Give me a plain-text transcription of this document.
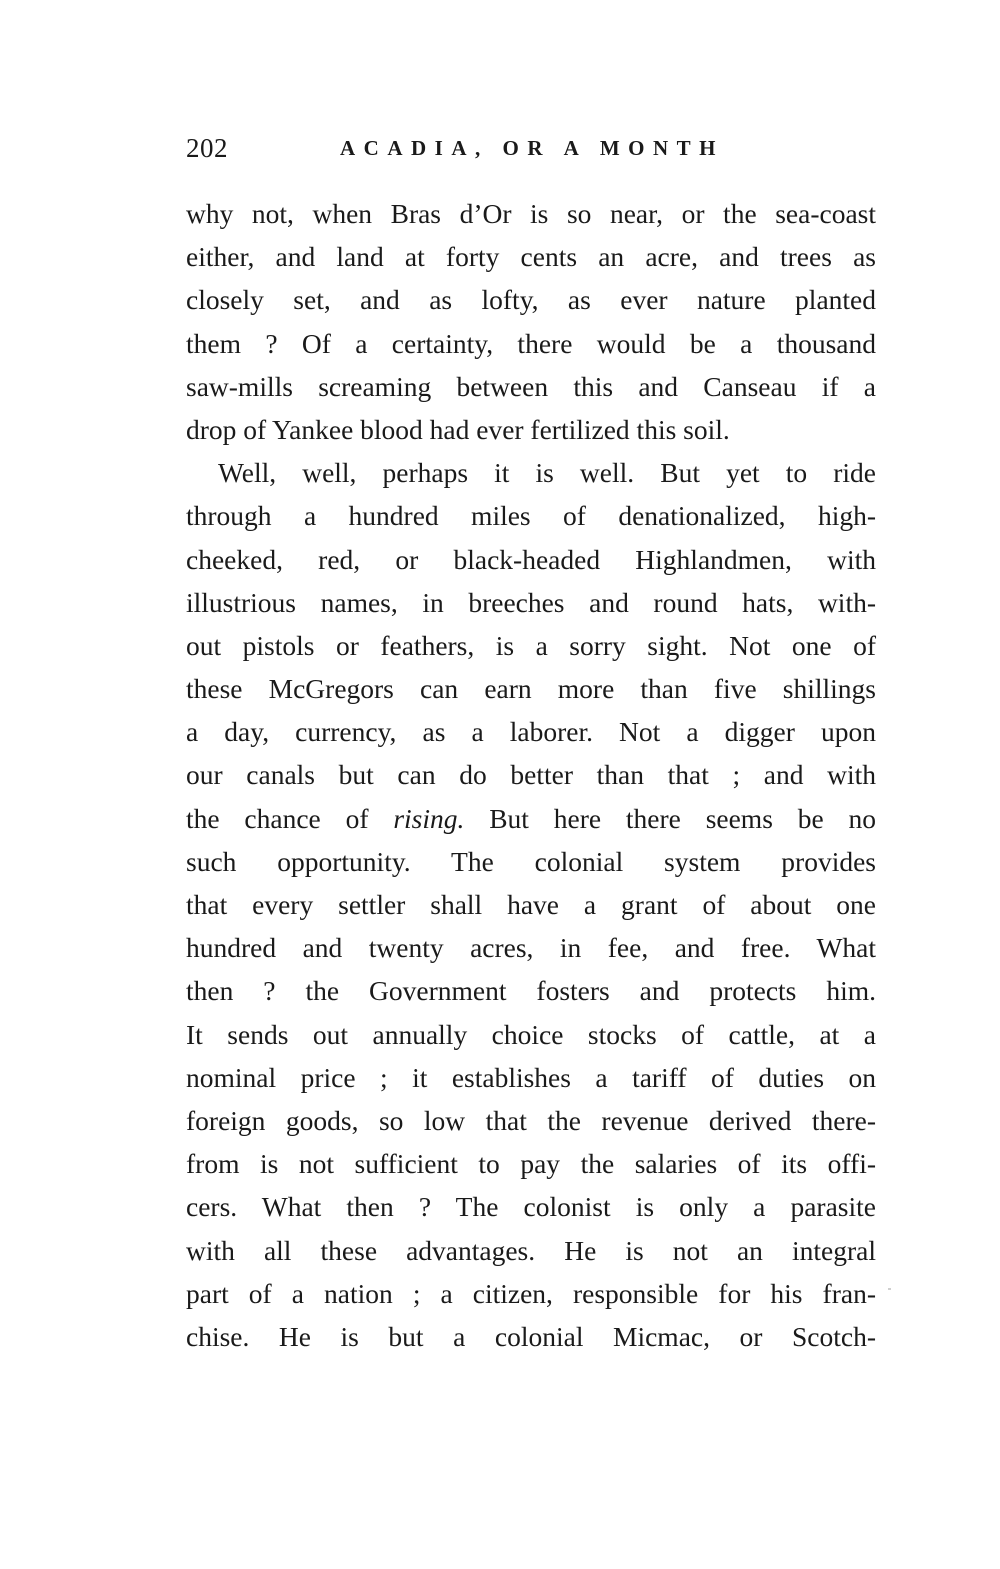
202	ACADIA, OR A MONTH
why not, when Bras d’Or is so near, or the sea-coast
either, and land at forty cents an acre, and trees as
closely set, and as lofty, as ever nature planted
them ? Of a certainty, there would be a thousand
saw-mills screaming between this and Canseau if a
drop of Yankee blood had ever fertilized this soil.
Well, well, perhaps it is well. But yet to ride
through a hundred miles of denationalized, high-
cheeked, red, or black-headed Highlandmen, with
illustrious names, in breeches and round hats, with-
out pistols or feathers, is a sorry sight. Not one of
these McGregors can earn more than five shillings
a day, currency, as a laborer. Not a digger upon
our canals but can do better than that ; and with
the chance of rising. But here there seems be no
such opportunity. The colonial system provides
that every settler shall have a grant of about one
hundred and twenty acres, in fee, and free. What
then ? the Government fosters and protects him.
It sends out annually choice stocks of cattle, at a
nominal price ; it establishes a tariff of duties on
foreign goods, so low that the revenue derived there-
from is not sufficient to pay the salaries of its offi-
cers. What then ? The colonist is only a parasite
with all these advantages. He is not an integral
part of a nation ; a citizen, responsible for his fran-
chise. He is but a colonial Micmac, or Scotch-
